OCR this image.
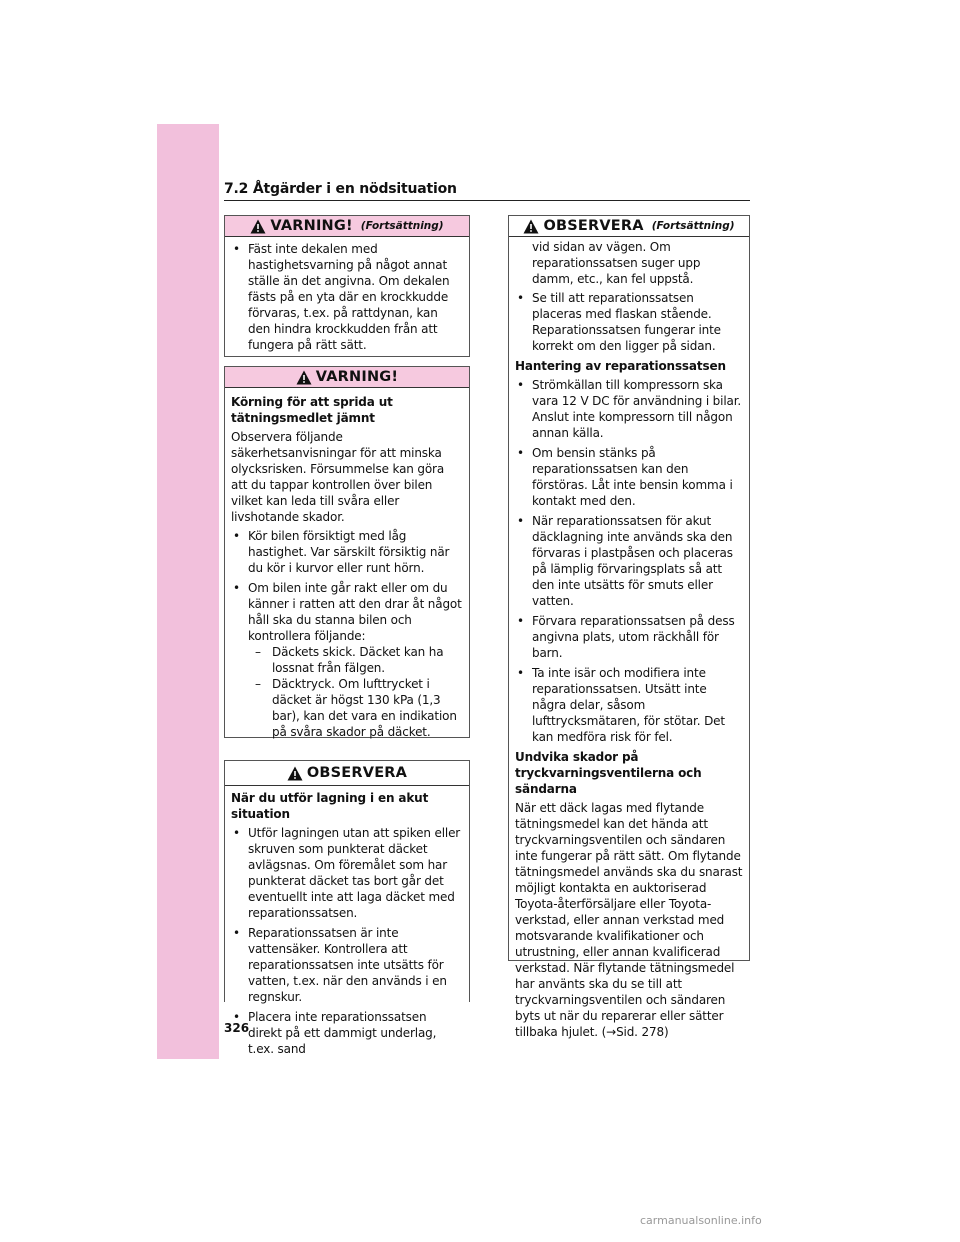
7.2 Åtgärder i en nödsituation
VARNING! (Fortsättning)
• Fäst inte dekalen med hastighetsvarning på något annat ställe än det angivna. Om dekalen fästs på en yta där en krockkudde förvaras, t.ex. på rattdynan, kan den hindra krockkudden från att fungera på rätt sätt.
VARNING!

Körning för att sprida ut tätningsmedlet jämnt

Observera följande säkerhetsanvisningar för att minska olycksrisken. Försummelse kan göra att du tappar kontrollen över bilen vilket kan leda till svåra eller livshotande skador.

• Kör bilen försiktigt med låg hastighet. Var särskilt försiktig när du kör i kurvor eller runt hörn.
• Om bilen inte går rakt eller om du känner i ratten att den drar åt något håll ska du stanna bilen och kontrollera följande:
– Däckets skick. Däcket kan ha lossnat från fälgen.
– Däcktryck. Om lufttrycket i däcket är högst 130 kPa (1,3 bar), kan det vara en indikation på svåra skador på däcket.
OBSERVERA

När du utför lagning i en akut situation

• Utför lagningen utan att spiken eller skruven som punkterat däcket avlägsnas. Om föremålet som har punkterat däcket tas bort går det eventuellt inte att laga däcket med reparationssatsen.
• Reparationssatsen är inte vattensäker. Kontrollera att reparationssatsen inte utsätts för vatten, t.ex. när den används i en regnskur.
• Placera inte reparationssatsen direkt på ett dammigt underlag, t.ex. sand
OBSERVERA (Fortsättning)

vid sidan av vägen. Om reparationssatsen suger upp damm, etc., kan fel uppstå.

• Se till att reparationssatsen placeras med flaskan stående. Reparationssatsen fungerar inte korrekt om den ligger på sidan.

Hantering av reparationssatsen

• Strömkällan till kompressorn ska vara 12 V DC för användning i bilar. Anslut inte kompressorn till någon annan källa.
• Om bensin stänks på reparationssatsen kan den förstöras. Låt inte bensin komma i kontakt med den.
• När reparationssatsen för akut däcklagning inte används ska den förvaras i plastpåsen och placeras på lämplig förvaringsplats så att den inte utsätts för smuts eller vatten.
• Förvara reparationssatsen på dess angivna plats, utom räckhåll för barn.
• Ta inte isär och modifiera inte reparationssatsen. Utsätt inte några delar, såsom lufttrycksmätaren, för stötar. Det kan medföra risk för fel.

Undvika skador på tryckvarningsventilerna och sändarna

När ett däck lagas med flytande tätningsmedel kan det hända att tryckvarningsventilen och sändaren inte fungerar på rätt sätt. Om flytande tätningsmedel används ska du snarast möjligt kontakta en auktoriserad Toyota-återförsäljare eller Toyota-verkstad, eller annan verkstad med motsvarande kvalifikationer och utrustning, eller annan kvalificerad verkstad. När flytande tätningsmedel har använts ska du se till att tryckvarningsventilen och sändaren byts ut när du reparerar eller sätter tillbaka hjulet. (→Sid. 278)

326
carmanualsonline.info
